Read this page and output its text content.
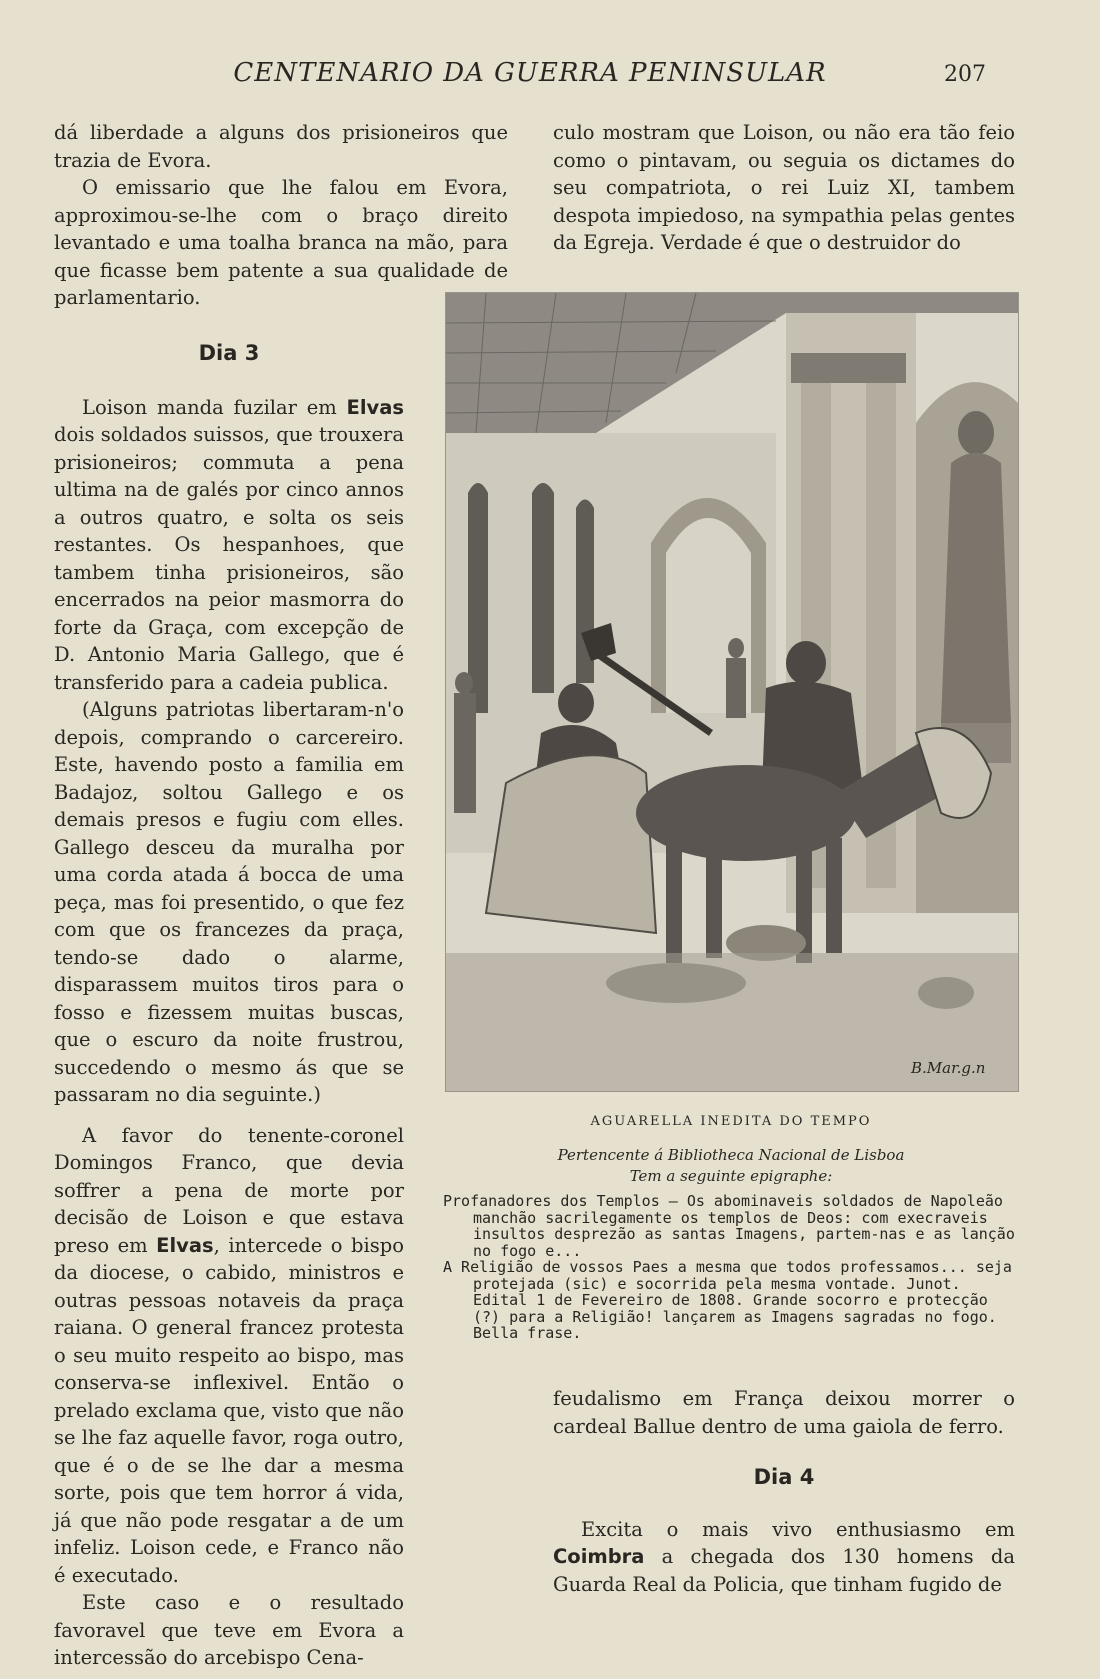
CENTENARIO DA GUERRA PENINSULAR	207

dá liberdade a alguns dos prisioneiros que trazia de Evora.

O emissario que lhe falou em Evora, approximou-se-lhe com o braço direito levantado e uma toalha branca na mão, para que ficasse bem patente a sua qualidade de parlamentario.

Dia 3

Loison manda fuzilar em Elvas dois soldados suissos, que trouxera prisioneiros; commuta a pena ultima na de galés por cinco annos a outros quatro, e solta os seis restantes. Os hespanhoes, que tambem tinha prisioneiros, são encerrados na peior masmorra do forte da Graça, com excepção de D. Antonio Maria Gallego, que é transferido para a cadeia publica.

(Alguns patriotas libertaram-n'o depois, comprando o carcereiro. Este, havendo posto a familia em Badajoz, soltou Gallego e os demais presos e fugiu com elles. Gallego desceu da muralha por uma corda atada á bocca de uma peça, mas foi presentido, o que fez com que os francezes da praça, tendo-se dado o alarme, disparassem muitos tiros para o fosso e fizessem muitas buscas, que o escuro da noite frustrou, succedendo o mesmo ás que se passaram no dia seguinte.)

A favor do tenente-coronel Domingos Franco, que devia soffrer a pena de morte por decisão de Loison e que estava preso em Elvas, intercede o bispo da diocese, o cabido, ministros e outras pessoas notaveis da praça raiana. O general francez protesta o seu muito respeito ao bispo, mas conserva-se inflexivel. Então o prelado exclama que, visto que não se lhe faz aquelle favor, roga outro, que é o de se lhe dar a mesma sorte, pois que tem horror á vida, já que não pode resgatar a de um infeliz. Loison cede, e Franco não é executado.

Este caso e o resultado favoravel que teve em Evora a intercessão do arcebispo Cena-

culo mostram que Loison, ou não era tão feio como o pintavam, ou seguia os dictames do seu compatriota, o rei Luiz XI, tambem despota impiedoso, na sympathia pelas gentes da Egreja. Verdade é que o destruidor do

B.Mar.g.n
AGUARELLA INEDITA DO TEMPO
Pertencente á Bibliotheca Nacional de Lisboa
Tem a seguinte epigraphe:

Profanadores dos Templos — Os abominaveis soldados de Napoleão manchão sacrilegamente os templos de Deos: com execraveis insultos desprezão as santas Imagens, partem-nas e as lanção no fogo e...

A Religião de vossos Paes a mesma que todos professamos... seja protejada (sic) e socorrida pela mesma vontade. Junot. Edital 1 de Fevereiro de 1808. Grande socorro e protecção (?) para a Religião! lançarem as Imagens sagradas no fogo. Bella frase.

feudalismo em França deixou morrer o cardeal Ballue dentro de uma gaiola de ferro.

Dia 4

Excita o mais vivo enthusiasmo em Coimbra a chegada dos 130 homens da Guarda Real da Policia, que tinham fugido de
